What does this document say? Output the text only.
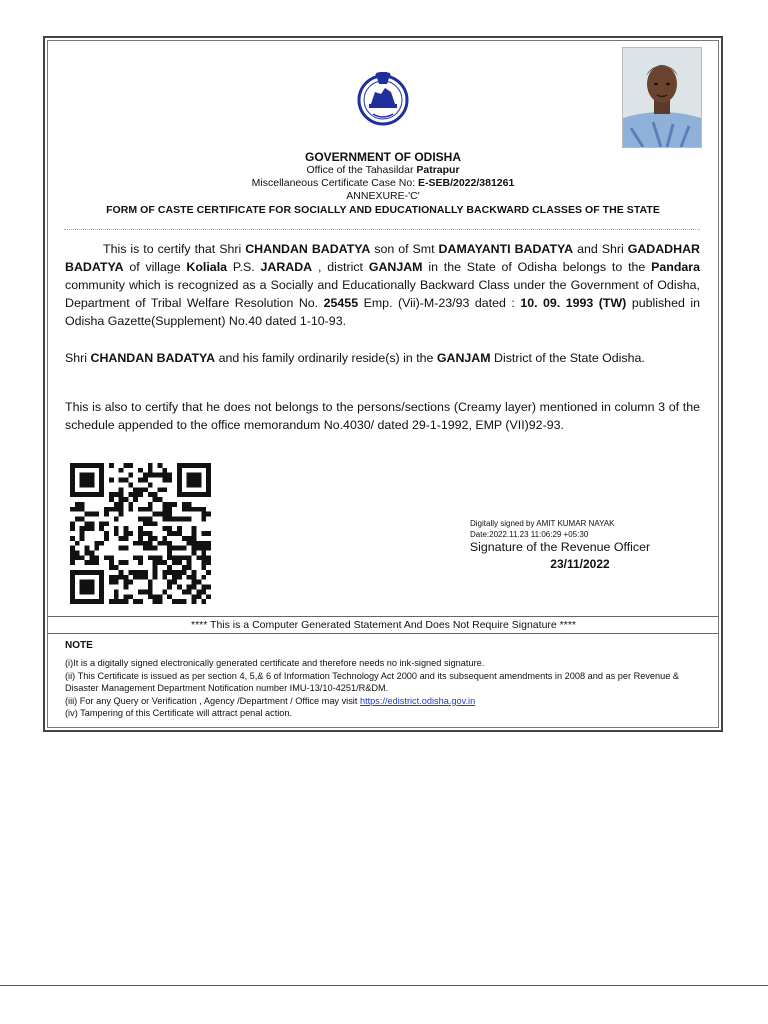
GOVERNMENT OF ODISHA
Office of the Tahasildar Patrapur
Miscellaneous Certificate Case No: E-SEB/2022/381261
ANNEXURE-'C'
FORM OF CASTE CERTIFICATE FOR SOCIALLY AND EDUCATIONALLY BACKWARD CLASSES OF THE STATE
This is to certify that Shri CHANDAN BADATYA son of Smt DAMAYANTI BADATYA and Shri GADADHAR BADATYA of village Koliala P.S. JARADA , district GANJAM in the State of Odisha belongs to the Pandara community which is recognized as a Socially and Educationally Backward Class under the Government of Odisha, Department of Tribal Welfare Resolution No. 25455 Emp. (Vii)-M-23/93 dated : 10. 09. 1993 (TW) published in Odisha Gazette(Supplement) No.40 dated 1-10-93.
Shri CHANDAN BADATYA and his family ordinarily reside(s) in the GANJAM District of the State Odisha.
This is also to certify that he does not belongs to the persons/sections (Creamy layer) mentioned in column 3 of the schedule appended to the office memorandum No.4030/ dated 29-1-1992, EMP (VII)92-93.
Digitally signed by AMIT KUMAR NAYAK
Date:2022.11.23 11:06:29 +05:30
Signature of the Revenue Officer
23/11/2022
**** This is a Computer Generated Statement And Does Not Require Signature ****
NOTE
(i)It is a digitally signed electronically generated certificate and therefore needs no ink-signed signature.
(ii) This Certificate is issued as per section 4, 5,& 6 of Information Technology Act 2000 and its subsequent amendments in 2008 and as per Revenue & Disaster Management Department Notification number IMU-13/10-4251/R&DM.
(iii) For any Query or Verification , Agency /Department / Office may visit https://edistrict.odisha.gov.in
(iv) Tampering of this Certificate will attract penal action.
